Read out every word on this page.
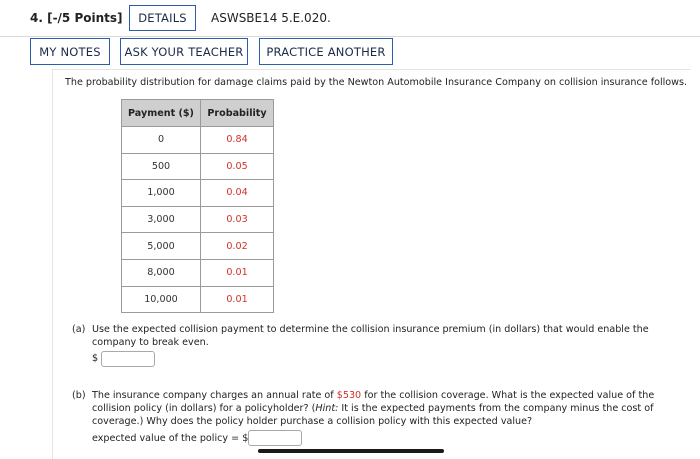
4. [-/5 Points]	DETAILS	ASWSBE14 5.E.020.
MY NOTES	ASK YOUR TEACHER	PRACTICE ANOTHER
The probability distribution for damage claims paid by the Newton Automobile Insurance Company on collision insurance follows.
Payment ($)	Probability
0	0.84
500	0.05
1,000	0.04
3,000	0.03
5,000	0.02
8,000	0.01
10,000	0.01
(a) Use the expected collision payment to determine the collision insurance premium (in dollars) that would enable the company to break even.
$
(b) The insurance company charges an annual rate of $530 for the collision coverage. What is the expected value of the collision policy (in dollars) for a policyholder? (Hint: It is the expected payments from the company minus the cost of coverage.) Why does the policy holder purchase a collision policy with this expected value?
expected value of the policy = $
